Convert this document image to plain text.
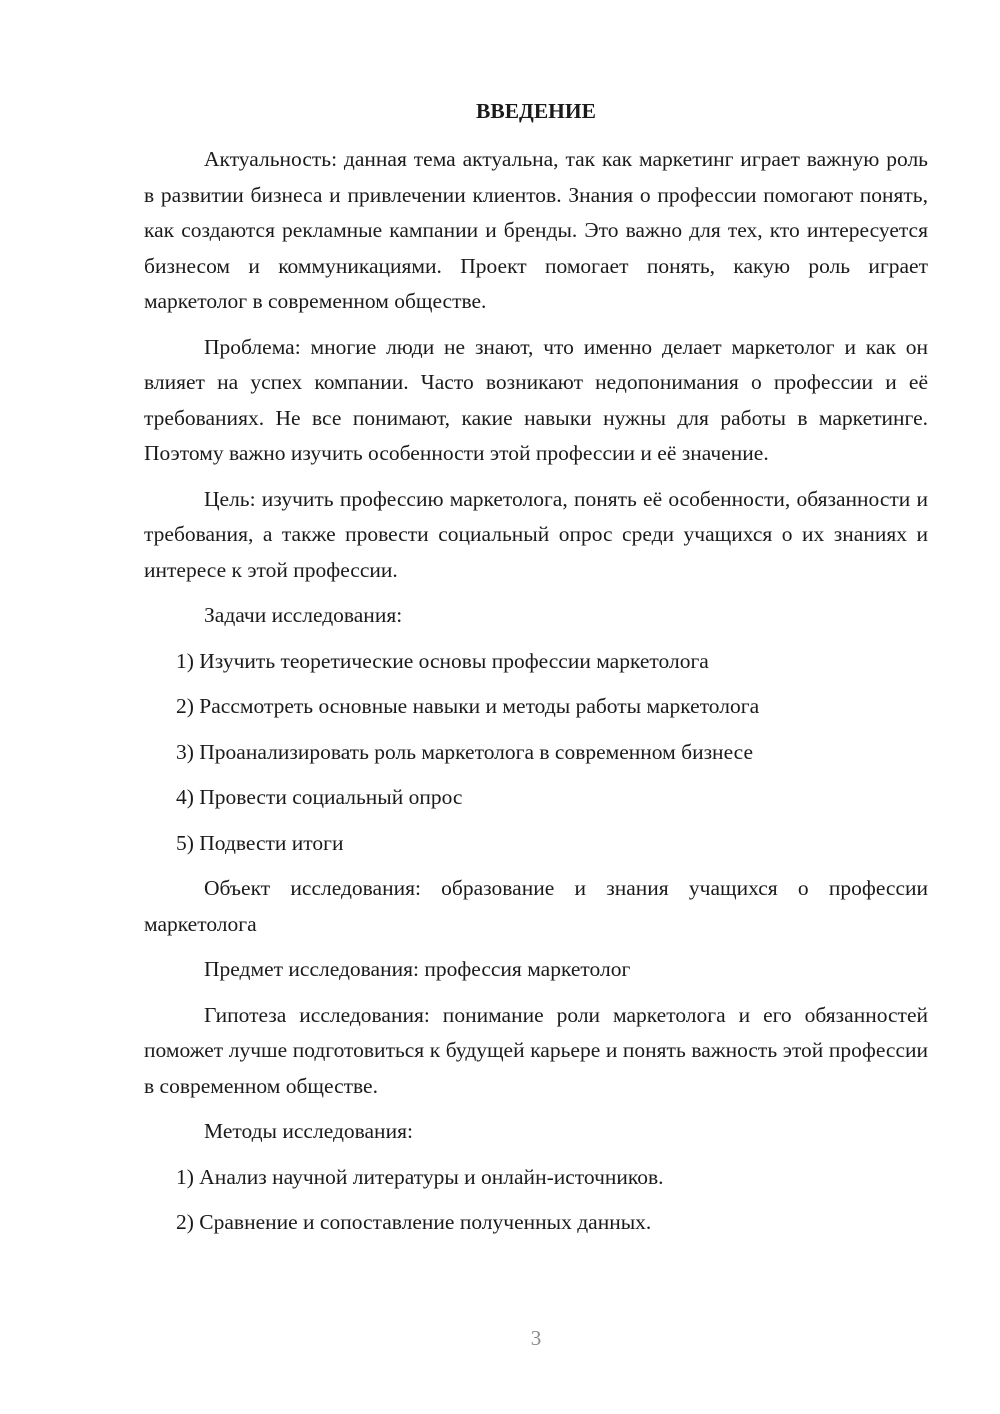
ВВЕДЕНИЕ

Актуальность: данная тема актуальна, так как маркетинг играет важную роль в развитии бизнеса и привлечении клиентов. Знания о профессии помогают понять, как создаются рекламные кампании и бренды. Это важно для тех, кто интересуется бизнесом и коммуникациями. Проект помогает понять, какую роль играет маркетолог в современном обществе.

Проблема: многие люди не знают, что именно делает маркетолог и как он влияет на успех компании. Часто возникают недопонимания о профессии и её требованиях. Не все понимают, какие навыки нужны для работы в маркетинге. Поэтому важно изучить особенности этой профессии и её значение.

Цель: изучить профессию маркетолога, понять её особенности, обязанности и требования, а также провести социальный опрос среди учащихся о их знаниях и интересе к этой профессии.

Задачи исследования:

1) Изучить теоретические основы профессии маркетолога
2) Рассмотреть основные навыки и методы работы маркетолога
3) Проанализировать роль маркетолога в современном бизнесе
4) Провести социальный опрос
5) Подвести итоги

Объект исследования: образование и знания учащихся о профессии маркетолога

Предмет исследования: профессия маркетолог

Гипотеза исследования: понимание роли маркетолога и его обязанностей поможет лучше подготовиться к будущей карьере и понять важность этой профессии в современном обществе.

Методы исследования:

1) Анализ научной литературы и онлайн-источников.
2) Сравнение и сопоставление полученных данных.
3
